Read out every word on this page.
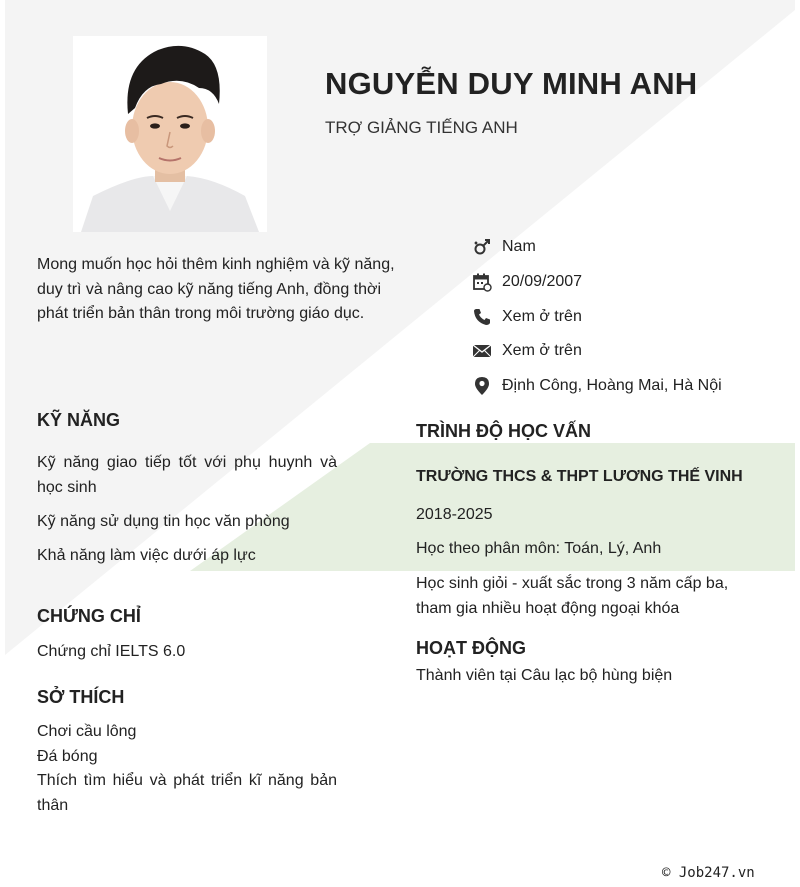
NGUYỄN DUY MINH ANH
TRỢ GIẢNG TIẾNG ANH
Mong muốn học hỏi thêm kinh nghiệm và kỹ năng, duy trì và nâng cao kỹ năng tiếng Anh, đồng thời phát triển bản thân trong môi trường giáo dục.
Nam
20/09/2007
Xem ở trên
Xem ở trên
Định Công, Hoàng Mai, Hà Nội
KỸ NĂNG
Kỹ năng giao tiếp tốt với phụ huynh và học sinh
Kỹ năng sử dụng tin học văn phòng
Khả năng làm việc dưới áp lực
CHỨNG CHỈ
Chứng chỉ IELTS 6.0
SỞ THÍCH
Chơi cầu lông
Đá bóng
Thích tìm hiểu và phát triển kĩ năng bản thân
TRÌNH ĐỘ HỌC VẤN
TRƯỜNG THCS & THPT LƯƠNG THẾ VINH
2018-2025
Học theo phân môn: Toán, Lý, Anh
Học sinh giỏi - xuất sắc trong 3 năm cấp ba, tham gia nhiều hoạt động ngoại khóa
HOẠT ĐỘNG
Thành viên tại Câu lạc bộ hùng biện
© Job247.vn
